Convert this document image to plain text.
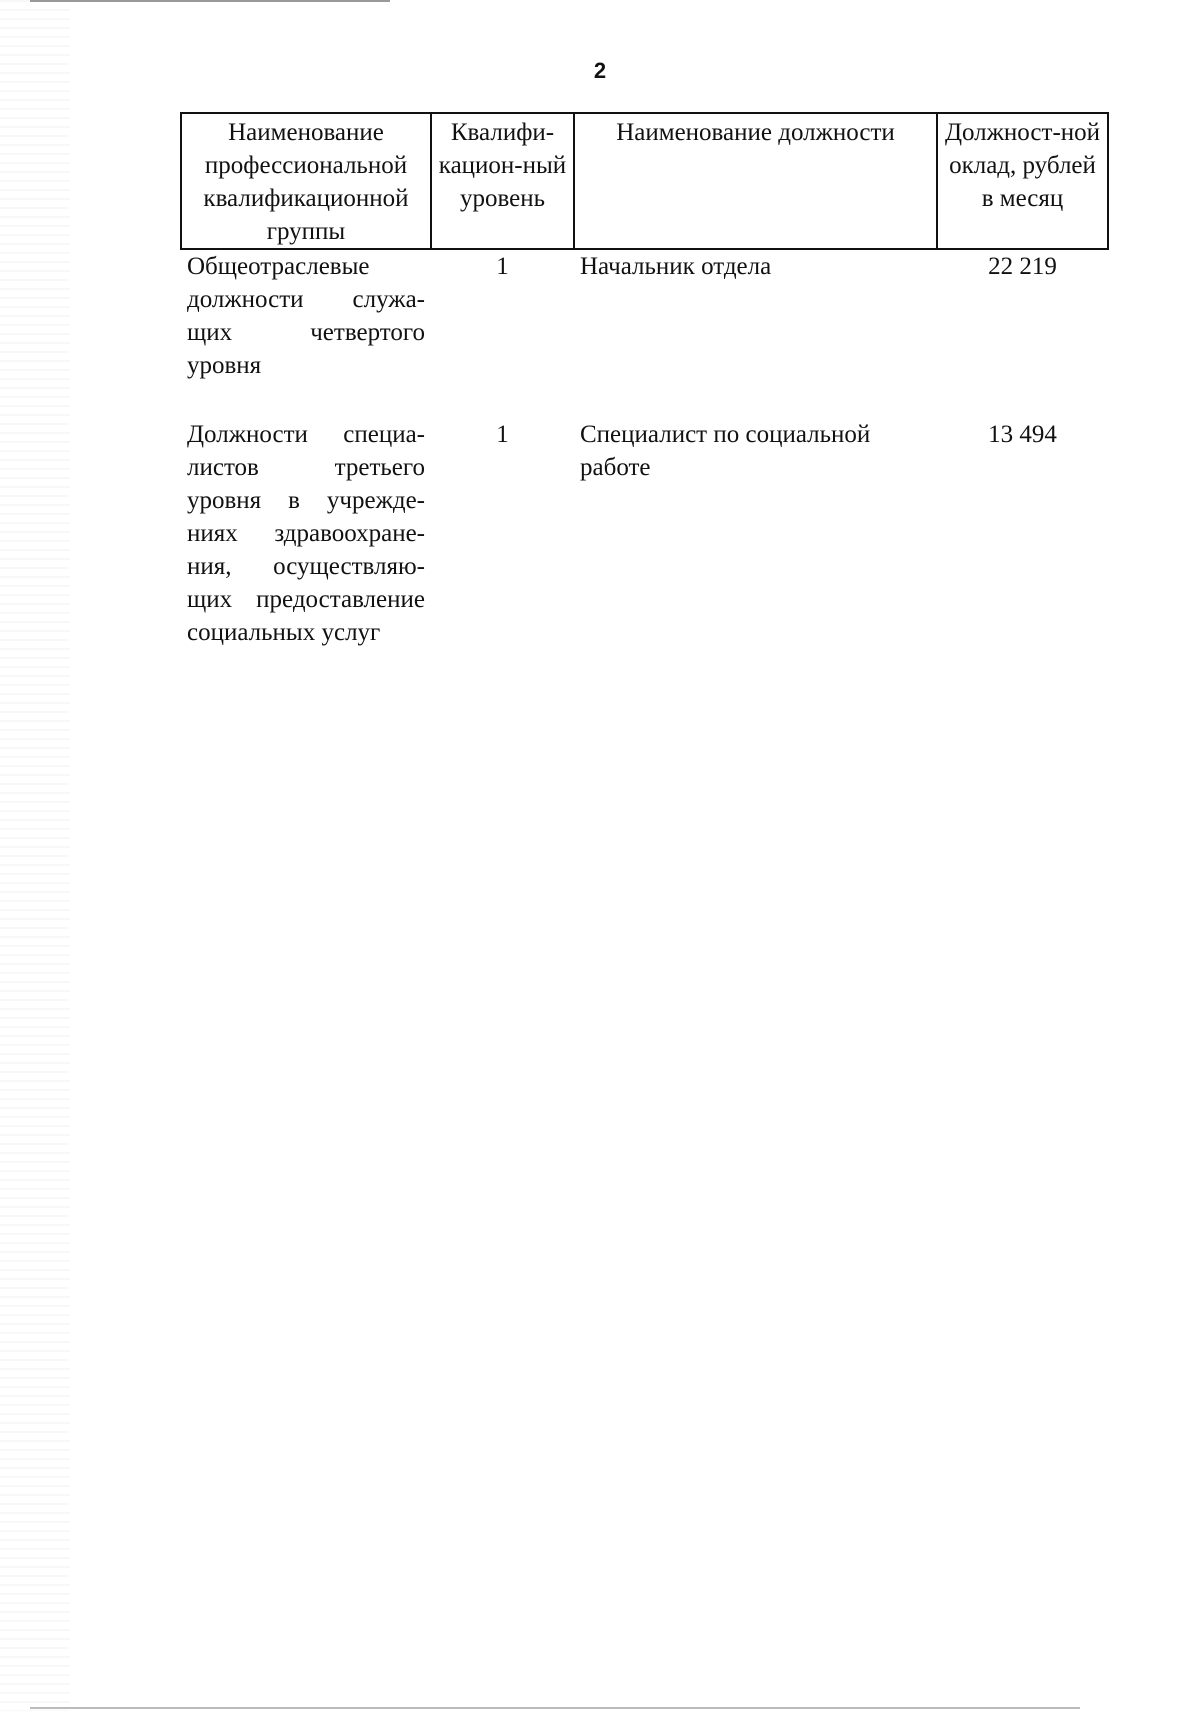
2
Наименование профессиональной квалификационной группы	Квалифи-кацион-ный уровень	Наименование должности	Должност-ной оклад, рублей в месяц
Общеотраслевые должности служа-щих четвертого уровня	1	Начальник отдела	22 219
Должности специа-листов третьего уровня в учрежде-ниях здравоохране-ния, осуществляю-щих предоставление социальных услуг	1	Специалист по социальной работе	13 494
